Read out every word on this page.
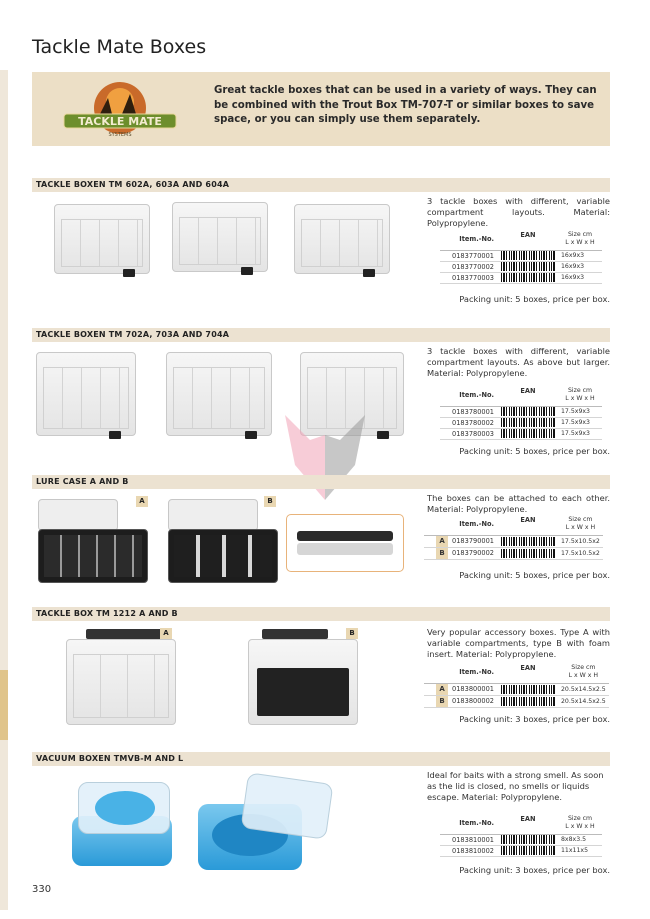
Tackle Mate Boxes
TACKLE MATE
SYSTEMS

Great tackle boxes that can be used in a variety of ways. They can be combined with the Trout Box TM-707-T or similar boxes to save space, or you can simply use them separately.

TACKLE BOXEN TM 602A, 603A AND 604A

3 tackle boxes with different, variable compartment layouts. Material: Polypropylene.

Item.-No.	EAN	Size cm
L x W x H
0183770001		16x9x3
0183770002		16x9x3
0183770003		16x9x3

Packing unit: 5 boxes, price per box.

TACKLE BOXEN TM 702A, 703A AND 704A

3 tackle boxes with different, variable compartment layouts. As above but larger. Material: Polypropylene.

Item.-No.	EAN	Size cm
L x W x H
0183780001		17.5x9x3
0183780002		17.5x9x3
0183780003		17.5x9x3

Packing unit: 5 boxes, price per box.

LURE CASE A AND B
A	B	The boxes can be attached to each other. Material: Polypropylene.

Item.-No.	EAN	Size cm
L x W x H
A 0183790001		17.5x10.5x2
B 0183790002		17.5x10.5x2

Packing unit: 5 boxes, price per box.

TACKLE BOX TM 1212 A AND B
A	B	Very popular accessory boxes. Type A with variable compartments, type B with foam insert. Material: Polypropylene.

Item.-No.	EAN	Size cm
L x W x H
A 0183800001		20.5x14.5x2.5
B 0183800002		20.5x14.5x2.5

Packing unit: 3 boxes, price per box.

VACUUM BOXEN TMVB-M AND L

Ideal for baits with a strong smell. As soon as the lid is closed, no smells or liquids escape. Material: Polypropylene.

Item.-No.	EAN	Size cm
L x W x H
0183810001		8x8x3.5
0183810002		11x11x5

Packing unit: 3 boxes, price per box.

330
